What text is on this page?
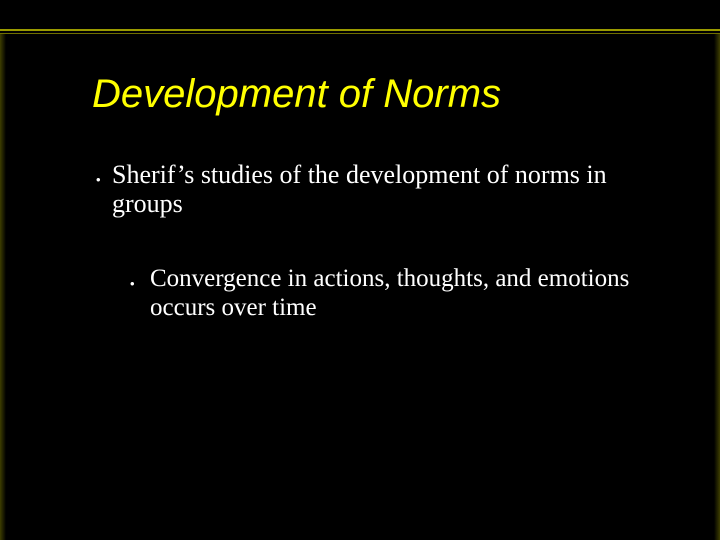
Development of Norms
• Sherif’s studies of the development of norms in groups
• Convergence in actions, thoughts, and emotions occurs over time
